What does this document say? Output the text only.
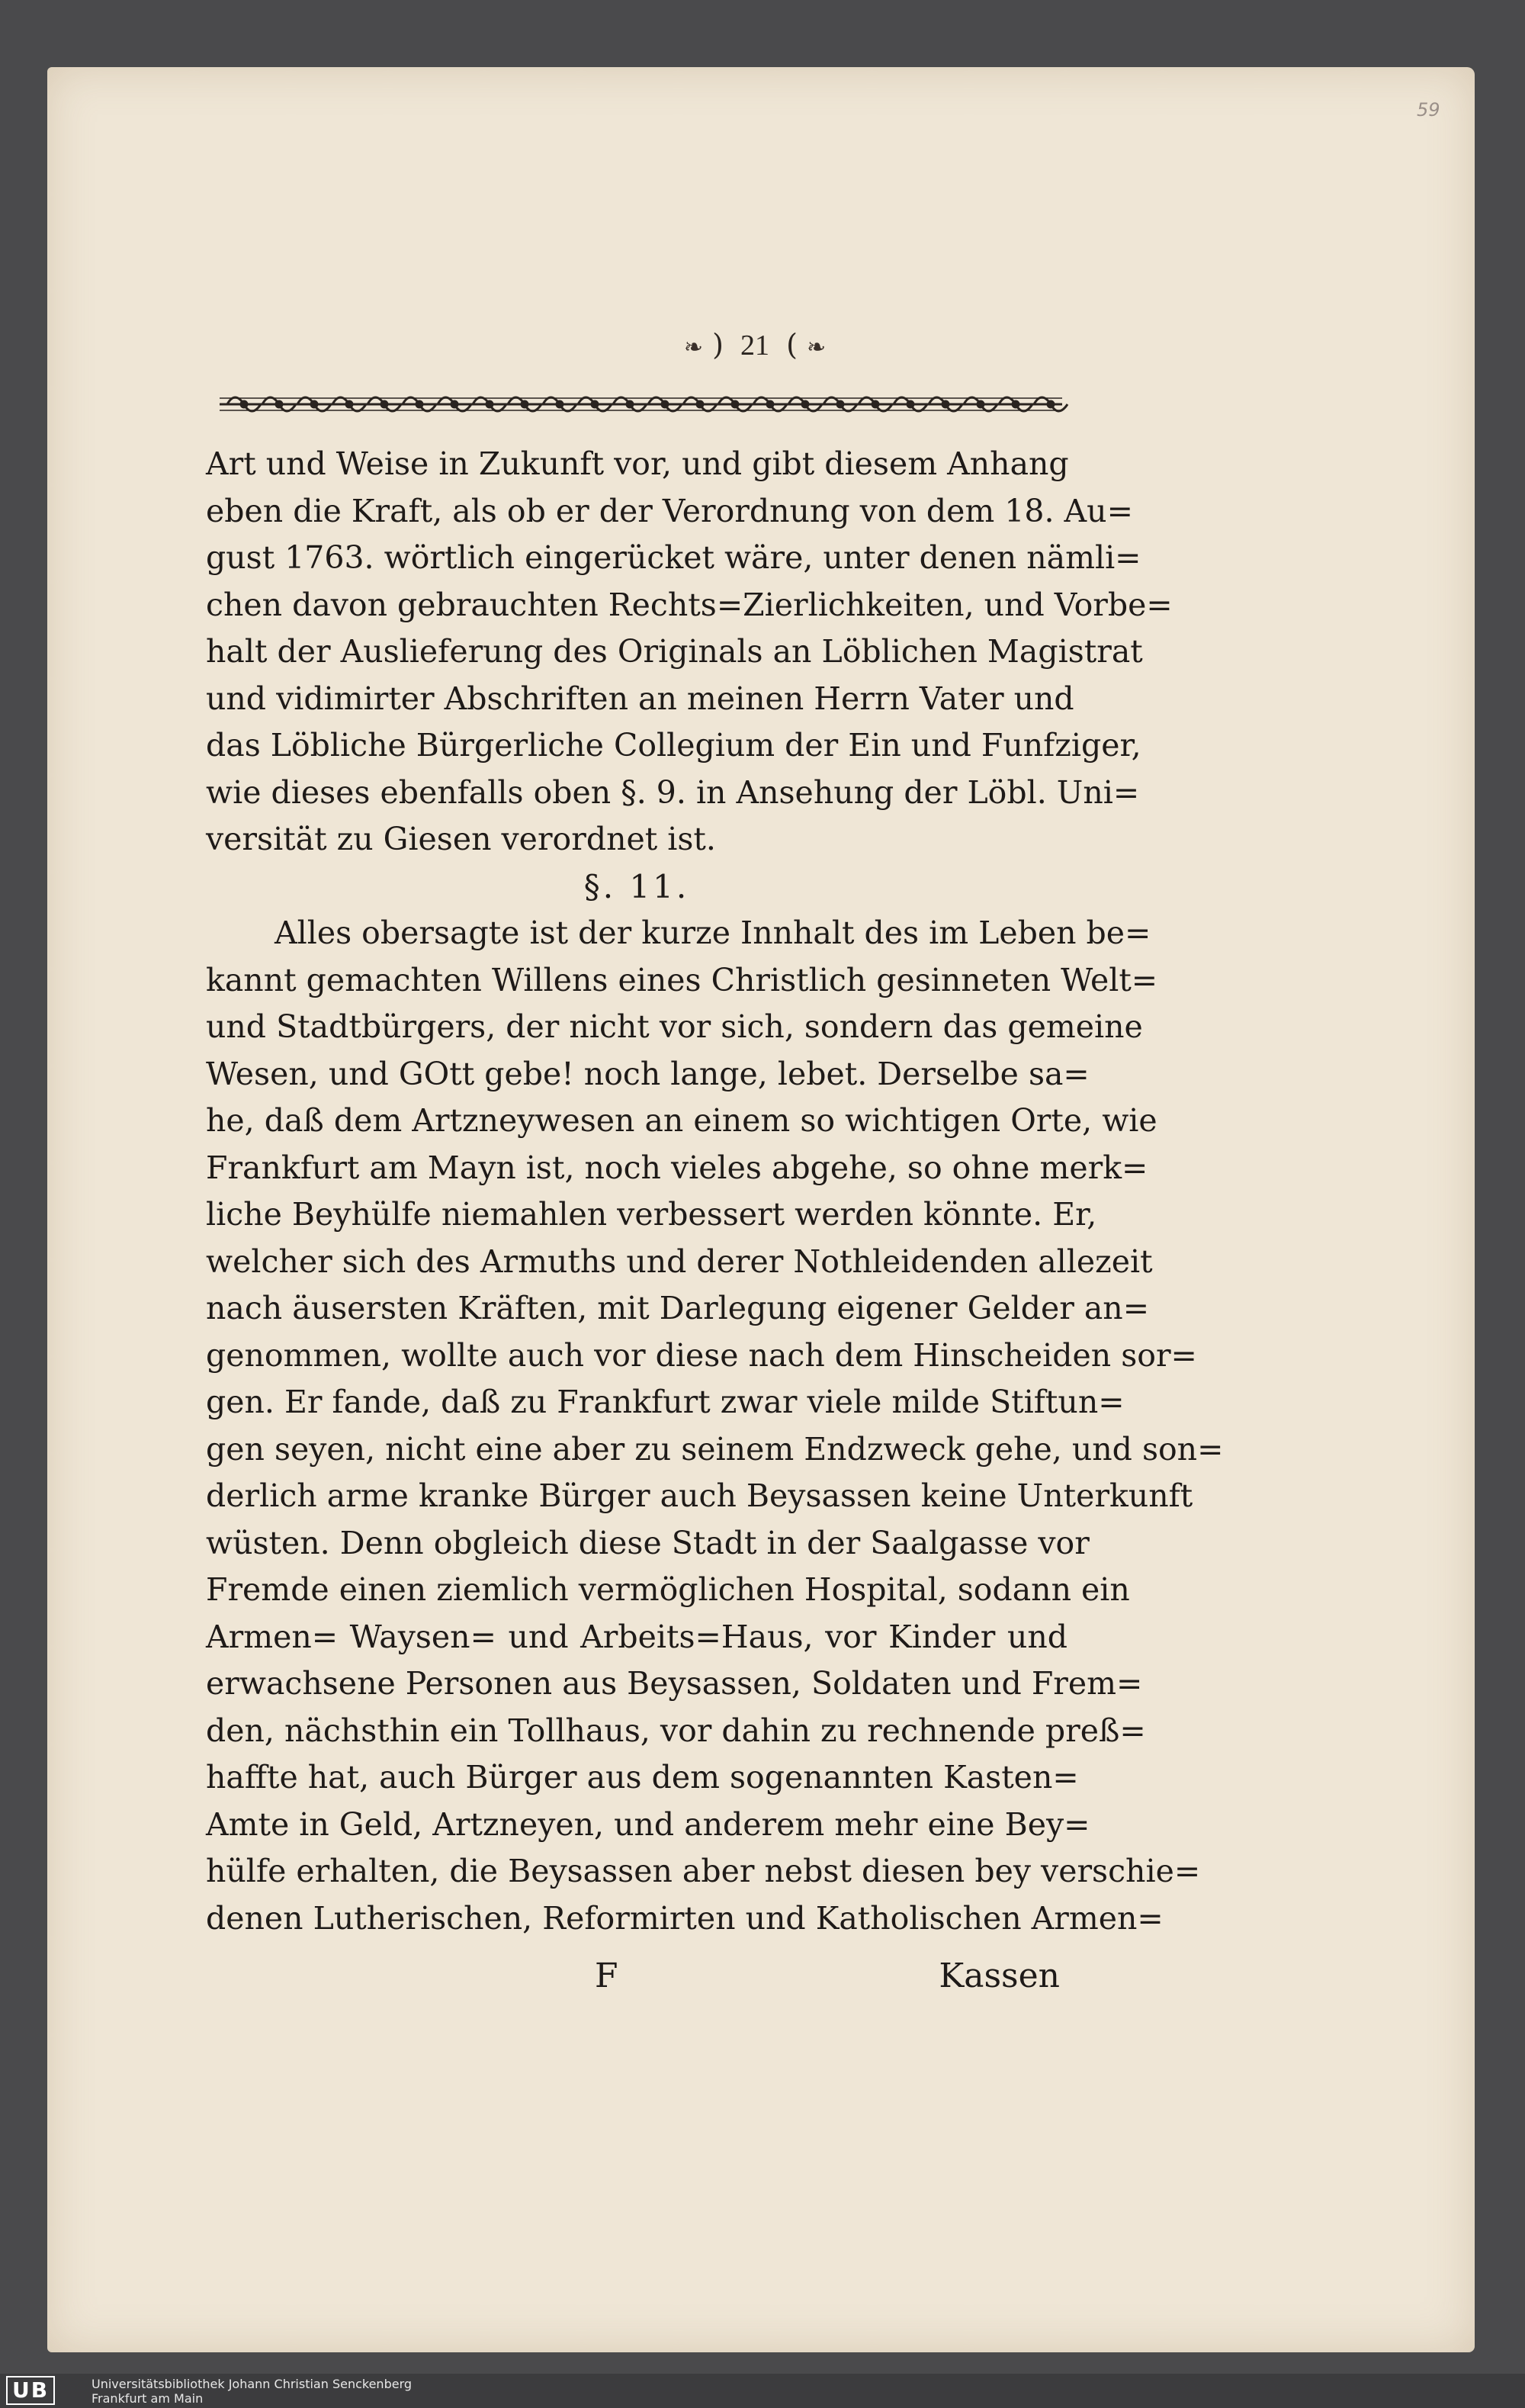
59
❧ ) 21 ( ❧
Art und Weise in Zukunft vor, und gibt diesem Anhang
eben die Kraft, als ob er der Verordnung von dem 18. Au=
gust 1763. wörtlich eingerücket wäre, unter denen nämli=
chen davon gebrauchten Rechts=Zierlichkeiten, und Vorbe=
halt der Auslieferung des Originals an Löblichen Magistrat
und vidimirter Abschriften an meinen Herrn Vater und
das Löbliche Bürgerliche Collegium der Ein und Funfziger,
wie dieses ebenfalls oben §. 9. in Ansehung der Löbl. Uni=
versität zu Giesen verordnet ist.
§. 11.
Alles obersagte ist der kurze Innhalt des im Leben be=
kannt gemachten Willens eines Christlich gesinneten Welt=
und Stadtbürgers, der nicht vor sich, sondern das gemeine
Wesen, und GOtt gebe! noch lange, lebet. Derselbe sa=
he, daß dem Artzneywesen an einem so wichtigen Orte, wie
Frankfurt am Mayn ist, noch vieles abgehe, so ohne merk=
liche Beyhülfe niemahlen verbessert werden könnte. Er,
welcher sich des Armuths und derer Nothleidenden allezeit
nach äusersten Kräften, mit Darlegung eigener Gelder an=
genommen, wollte auch vor diese nach dem Hinscheiden sor=
gen. Er fande, daß zu Frankfurt zwar viele milde Stiftun=
gen seyen, nicht eine aber zu seinem Endzweck gehe, und son=
derlich arme kranke Bürger auch Beysassen keine Unterkunft
wüsten. Denn obgleich diese Stadt in der Saalgasse vor
Fremde einen ziemlich vermöglichen Hospital, sodann ein
Armen= Waysen= und Arbeits=Haus, vor Kinder und
erwachsene Personen aus Beysassen, Soldaten und Frem=
den, nächsthin ein Tollhaus, vor dahin zu rechnende preß=
haffte hat, auch Bürger aus dem sogenannten Kasten=
Amte in Geld, Artzneyen, und anderem mehr eine Bey=
hülfe erhalten, die Beysassen aber nebst diesen bey verschie=
denen Lutherischen, Reformirten und Katholischen Armen=
F	Kassen
UB	Universitätsbibliothek Johann Christian Senckenberg
Frankfurt am Main
